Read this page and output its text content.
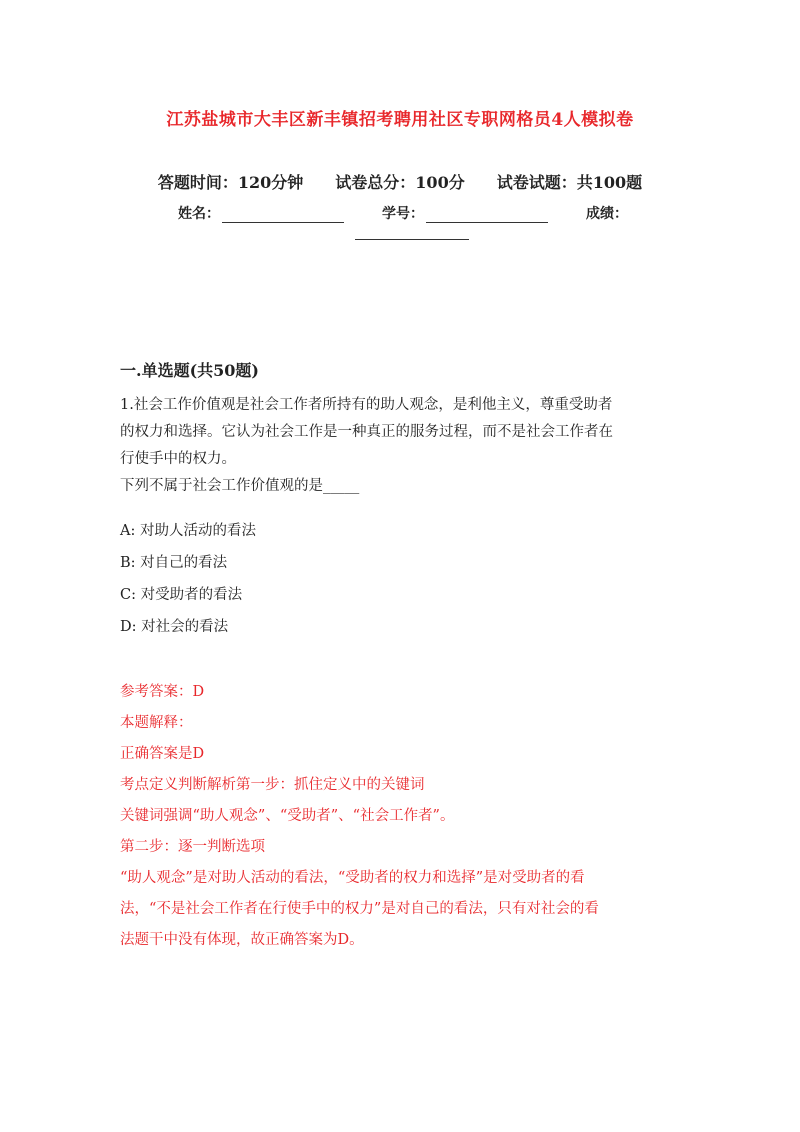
江苏盐城市大丰区新丰镇招考聘用社区专职网格员4人模拟卷
答题时间：120分钟 试卷总分：100分 试卷试题：共100题
姓名：	学号：	成绩：
一.单选题(共50题)

1.社会工作价值观是社会工作者所持有的助人观念，是利他主义，尊重受助者

的权力和选择。它认为社会工作是一种真正的服务过程，而不是社会工作者在

行使手中的权力。

下列不属于社会工作价值观的是_____

A: 对助人活动的看法
B: 对自己的看法
C: 对受助者的看法
D: 对社会的看法

参考答案：D

本题解释：

正确答案是D

考点定义判断解析第一步：抓住定义中的关键词

关键词强调“助人观念”、“受助者”、“社会工作者”。

第二步：逐一判断选项

“助人观念”是对助人活动的看法，“受助者的权力和选择”是对受助者的看

法，“不是社会工作者在行使手中的权力”是对自己的看法，只有对社会的看

法题干中没有体现，故正确答案为D。
